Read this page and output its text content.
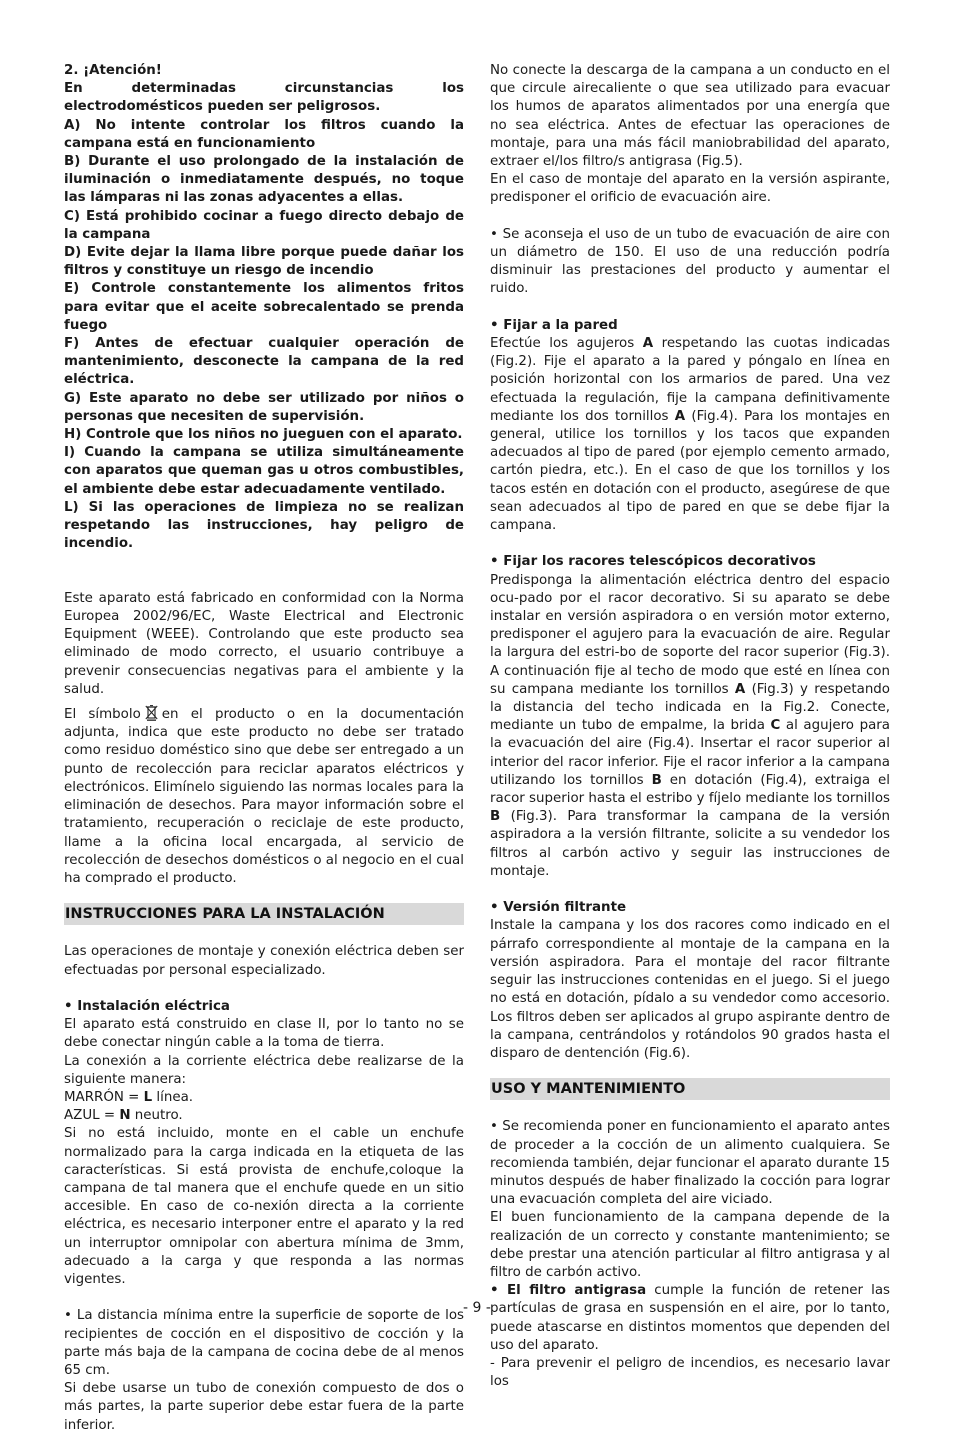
2. ¡Atención!

En determinadas circunstancias los electrodomésticos pueden ser peligrosos.

A) No intente controlar los filtros cuando la campana está en funcionamiento

B) Durante el uso prolongado de la instalación de iluminación o inmediatamente después, no toque las lámparas ni las zonas adyacentes a ellas.

C) Está prohibido cocinar a fuego directo debajo de la campana

D) Evite dejar la llama libre porque puede dañar los filtros y constituye un riesgo de incendio

E) Controle constantemente los alimentos fritos para evitar que el aceite sobrecalentado se prenda fuego

F) Antes de efectuar cualquier operación de mantenimiento, desconecte la campana de la red eléctrica.

G) Este aparato no debe ser utilizado por niños o personas que necesiten de supervisión.

H) Controle que los niños no jueguen con el aparato.

I) Cuando la campana se utiliza simultáneamente con aparatos que queman gas u otros combustibles, el ambiente debe estar adecuadamente ventilado.

L) Si las operaciones de limpieza no se realizan respetando las instrucciones, hay peligro de incendio.

Este aparato está fabricado en conformidad con la Norma Europea 2002/96/EC, Waste Electrical and Electronic Equipment (WEEE). Controlando que este producto sea eliminado de modo correcto, el usuario contribuye a prevenir consecuencias negativas para el ambiente y la salud.

El símbolo en el producto o en la documentación adjunta, indica que este producto no debe ser tratado como residuo doméstico sino que debe ser entregado a un punto de recolección para reciclar aparatos eléctricos y electrónicos. Elimínelo siguiendo las normas locales para la eliminación de desechos. Para mayor información sobre el tratamiento, recuperación o reciclaje de este producto, llame a la oficina local encargada, al servicio de recolección de desechos domésticos o al negocio en el cual ha comprado el producto.

INSTRUCCIONES PARA LA INSTALACIÓN

Las operaciones de montaje y conexión eléctrica deben ser efectuadas por personal especializado.

• Instalación eléctrica

El aparato está construido en clase II, por lo tanto no se debe conectar ningún cable a la toma de tierra.

La conexión a la corriente eléctrica debe realizarse de la siguiente manera:

MARRÓN = L línea.

AZUL = N neutro.

Si no está incluido, monte en el cable un enchufe normalizado para la carga indicada en la etiqueta de las características. Si está provista de enchufe,coloque la campana de tal manera que el enchufe quede en un sitio accesible. En caso de co-nexión directa a la corriente eléctrica, es necesario interponer entre el aparato y la red un interruptor omnipolar con abertura mínima de 3mm, adecuado a la carga y que responda a las normas vigentes.

• La distancia mínima entre la superficie de soporte de los recipientes de cocción en el dispositivo de cocción y la parte más baja de la campana de cocina debe de al menos 65 cm.

Si debe usarse un tubo de conexión compuesto de dos o más partes, la parte superior debe estar fuera de la parte inferior.

No conecte la descarga de la campana a un conducto en el que circule airecaliente o que sea utilizado para evacuar los humos de aparatos alimentados por una energía que no sea eléctrica. Antes de efectuar las operaciones de montaje, para una más fácil maniobrabilidad del aparato, extraer el/los filtro/s antigrasa (Fig.5).

En el caso de montaje del aparato en la versión aspirante, predisponer el orificio de evacuación aire.

• Se aconseja el uso de un tubo de evacuación de aire con un diámetro de 150. El uso de una reducción podría disminuir las prestaciones del producto y aumentar el ruido.

• Fijar a la pared

Efectúe los agujeros A respetando las cuotas indicadas (Fig.2). Fije el aparato a la pared y póngalo en línea en posición horizontal con los armarios de pared. Una vez efectuada la regulación, fije la campana definitivamente mediante los dos tornillos A (Fig.4). Para los montajes en general, utilice los tornillos y los tacos que expanden adecuados al tipo de pared (por ejemplo cemento armado, cartón piedra, etc.). En el caso de que los tornillos y los tacos estén en dotación con el producto, asegúrese de que sean adecuados al tipo de pared en que se debe fijar la campana.

• Fijar los racores telescópicos decorativos

Predisponga la alimentación eléctrica dentro del espacio ocu-pado por el racor decorativo. Si su aparato se debe instalar en versión aspiradora o en versión motor externo, predisponer el agujero para la evacuación de aire. Regular la largura del estri-bo de soporte del racor superior (Fig.3). A continuación fije al techo de modo que esté en línea con su campana mediante los tornillos A (Fig.3) y respetando la distancia del techo indicada en la Fig.2. Conecte, mediante un tubo de empalme, la brida C al agujero para la evacuación del aire (Fig.4). Insertar el racor superior al interior del racor inferior. Fije el racor inferior a la campana utilizando los tornillos B en dotación (Fig.4), extraiga el racor superior hasta el estribo y fíjelo mediante los tornillos B (Fig.3). Para transformar la campana de la versión aspiradora a la versión filtrante, solicite a su vendedor los filtros al carbón activo y seguir las instrucciones de montaje.

• Versión filtrante

Instale la campana y los dos racores como indicado en el párrafo correspondiente al montaje de la campana en la versión aspiradora. Para el montaje del racor filtrante seguir las instrucciones contenidas en el juego. Si el juego no está en dotación, pídalo a su vendedor como accesorio. Los filtros deben ser aplicados al grupo aspirante dentro de la campana, centrándolos y rotándolos 90 grados hasta el disparo de dentención (Fig.6).

USO Y MANTENIMIENTO

• Se recomienda poner en funcionamiento el aparato antes de proceder a la cocción de un alimento cualquiera. Se recomienda también, dejar funcionar el aparato durante 15 minutos después de haber finalizado la cocción para lograr una evacuación completa del aire viciado.

El buen funcionamiento de la campana depende de la realización de un correcto y constante mantenimiento; se debe prestar una atención particular al filtro antigrasa y al filtro de carbón activo.

• El filtro antigrasa cumple la función de retener las partículas de grasa en suspensión en el aire, por lo tanto, puede atascarse en distintos momentos que dependen del uso del aparato.

- Para prevenir el peligro de incendios, es necesario lavar los

- 9 -
